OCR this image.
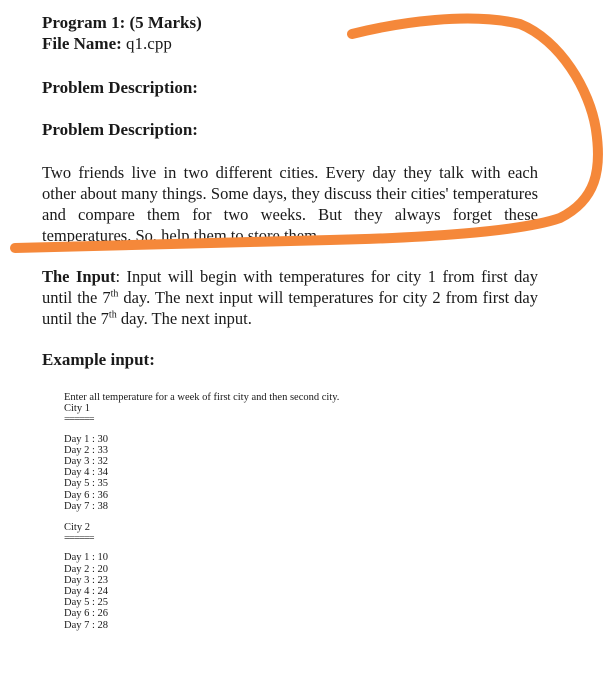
Program 1: (5 Marks)
File Name: q1.cpp
Problem Description:
Problem Description:
Two friends live in two different cities. Every day they talk with each other about many things. Some days, they discuss their cities' temperatures and compare them for two weeks. But they always forget these temperatures. So, help them to store them
The Input: Input will begin with temperatures for city 1 from first day until the 7th day. The next input will temperatures for city 2 from first day until the 7th day. The next input.
Example input:
Enter all temperature for a week of first city and then second city.
City 1
======
Day 1 : 30
Day 2 : 33
Day 3 : 32
Day 4 : 34
Day 5 : 35
Day 6 : 36
Day 7 : 38
City 2
======
Day 1 : 10
Day 2 : 20
Day 3 : 23
Day 4 : 24
Day 5 : 25
Day 6 : 26
Day 7 : 28
